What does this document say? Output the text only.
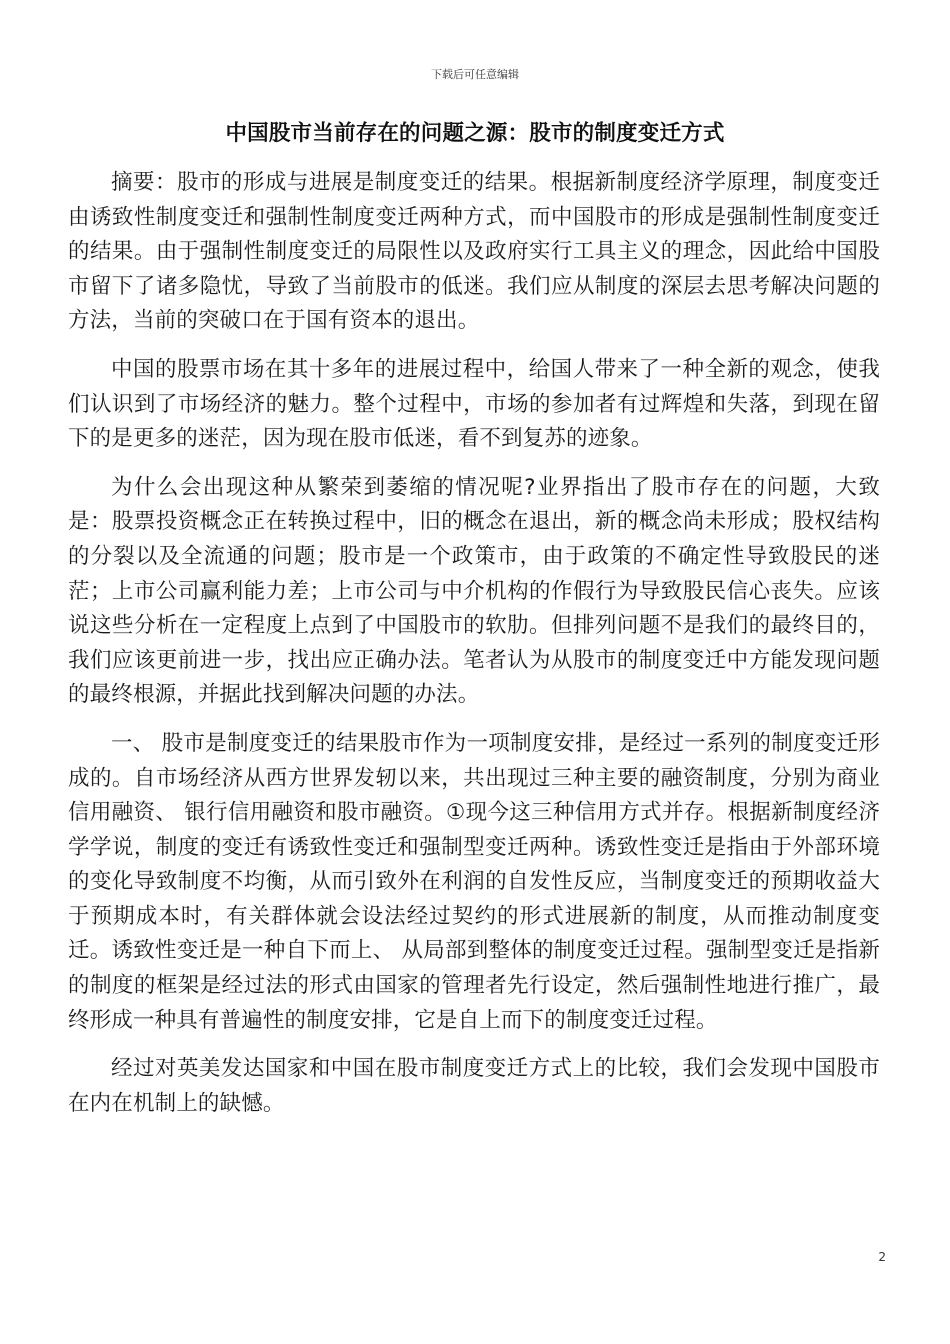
下载后可任意编辑
中国股市当前存在的问题之源：股市的制度变迁方式

摘要：股市的形成与进展是制度变迁的结果。根据新制度经济学原理，制度变迁由诱致性制度变迁和强制性制度变迁两种方式，而中国股市的形成是强制性制度变迁的结果。由于强制性制度变迁的局限性以及政府实行工具主义的理念，因此给中国股市留下了诸多隐忧，导致了当前股市的低迷。我们应从制度的深层去思考解决问题的方法，当前的突破口在于国有资本的退出。

中国的股票市场在其十多年的进展过程中，给国人带来了一种全新的观念，使我们认识到了市场经济的魅力。整个过程中，市场的参加者有过辉煌和失落，到现在留下的是更多的迷茫，因为现在股市低迷，看不到复苏的迹象。

为什么会出现这种从繁荣到萎缩的情况呢?业界指出了股市存在的问题，大致是：股票投资概念正在转换过程中，旧的概念在退出，新的概念尚未形成；股权结构的分裂以及全流通的问题；股市是一个政策市，由于政策的不确定性导致股民的迷茫；上市公司赢利能力差；上市公司与中介机构的作假行为导致股民信心丧失。应该说这些分析在一定程度上点到了中国股市的软肋。但排列问题不是我们的最终目的，我们应该更前进一步，找出应正确办法。笔者认为从股市的制度变迁中方能发现问题的最终根源，并据此找到解决问题的办法。

一、 股市是制度变迁的结果股市作为一项制度安排，是经过一系列的制度变迁形成的。自市场经济从西方世界发轫以来，共出现过三种主要的融资制度，分别为商业信用融资、 银行信用融资和股市融资。①现今这三种信用方式并存。根据新制度经济学学说，制度的变迁有诱致性变迁和强制型变迁两种。诱致性变迁是指由于外部环境的变化导致制度不均衡，从而引致外在利润的自发性反应，当制度变迁的预期收益大于预期成本时，有关群体就会设法经过契约的形式进展新的制度，从而推动制度变迁。诱致性变迁是一种自下而上、 从局部到整体的制度变迁过程。强制型变迁是指新的制度的框架是经过法的形式由国家的管理者先行设定，然后强制性地进行推广，最终形成一种具有普遍性的制度安排，它是自上而下的制度变迁过程。

经过对英美发达国家和中国在股市制度变迁方式上的比较，我们会发现中国股市在内在机制上的缺憾。

2
